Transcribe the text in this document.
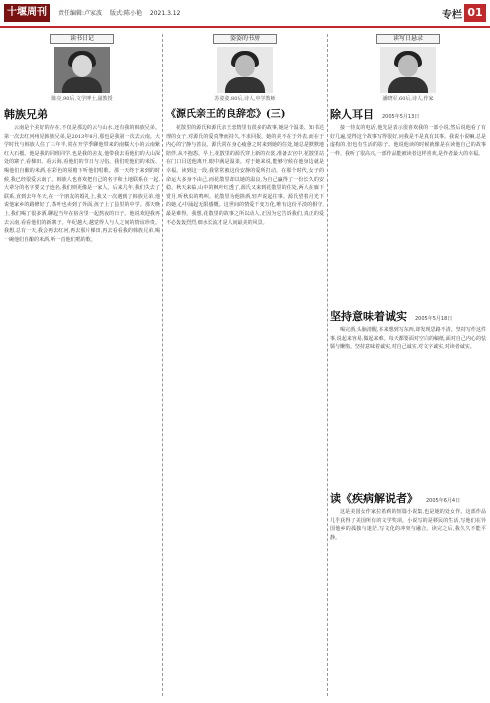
十堰周刊	责任编辑:卢家波 版式:陈小艳 2021.3.12	专栏 01
读书日记
陈亮,90后,文学博士,副教授
韩族兄弟
云南是个美好的存在,不仅是那边的云与山水,还有我的韩族兄弟。第一次去红河州见韩族兄弟,是2013年8月,那也是我第一次去云南。大学时代与韩族人住了三年半,常在开学季聊他带来的南糯大小的云南紫红大石榴。他是我的同班同学,也是我的舍友,他带我去看他们的大山深处的寨子,看梯田、看云海,看他们的节日与习俗。我们吃他们的米饭、喝他们自酿的米酒,在彩色的屋檐下听他们唱歌。那一天终于来到的时候,我已经很爱云南了。韩族人也喜欢把自己的名字和土地联系在一起,大辈分的名字要父子连名,我们则更像是一家人。后来几年,我们失去了联系,直到去年冬天,在一个朋友的婚礼上,我又一次遇到了韩族兄弟,他说他家乡的路修好了,茶叶也卖到了外面,孩子上了县里的中学。那天晚上,我们喝了很多酒,聊起当年在宿舍里一起熬夜的日子。他说欢迎我再去云南,看看他们的新寨子。年纪越大,越觉得人与人之间的情谊珍贵。我想,总有一天,我会再去红河,再去那片梯田,再去看看我的韩族兄弟,喝一碗他们自酿的米酒,听一首他们唱的歌。
姿姿的书房
苏姿姿,80后,诗人,中学教师
《源氏亲王的良辞恋》(三)
花散里的源氏和源氏亲王恋情里有很多的故事,她是个温柔、知书达理的女子,对源氏的爱真挚而持久,不求回报。她的美不在于外表,而在于内心的宁静与善良。源氏常在身心疲惫之时来到她的住处,她总是默默地陪伴,从不抱怨。早上,花散里的源氏穿上新的衣裳,准备去宫中,花散里站在门口目送他离开,眼中满是温柔。对于她来说,能够守候在他身边就是幸福。读到这一段,我常常被这份安静的爱所打动。在那个时代,女子的命运大多身不由己,而花散里却以她的温良,为自己赢得了一份长久的安稳。秋天来临,山中的枫叶红透了,源氏又来到花散里的住处,两人在廊下赏月,听秋虫的鸣叫。花散里为他斟酒,轻声说起往事。源氏望着月光下的她,心中涌起无限感慨。这世间的情爱千变万化,唯有这份平淡的相守,最是难得。我想,花散里的故事之所以动人,正因为它告诉我们,真正的爱不必轰轰烈烈,细水长流才是人间最美的风景。
读写日悬录
潘晓军,60后,诗人,作家
除人耳目 2005年5月13日
接一待友的电话,他先是表示很喜欢我的一部小说,然后说他看了有好几遍,觉得这个故事写得很好,问我是不是真有其事。我说小说嘛,总是虚构的,但也有生活的影子。他说他读的时候就像是在读他自己的故事一样。我听了很高兴,一部作品能被读者这样喜欢,是作者最大的幸福。
坚持意味着诚实 2005年5月18日
喝完酒,头脑清醒,本来想到写东西,却发现思路不清。坚持写作这件事,说起来容易,做起来难。每天都要面对空白的稿纸,面对自己内心的怯懦与懒惰。坚持意味着诚实,对自己诚实,对文字诚实,对读者诚实。
读《疾病解说者》 2005年6月4日
这是美国女作家拉希莉的短篇小说集,也是她的处女作。这部作品几乎获得了美国所有的文学奖项。小说写的是移民的生活,写他们在异国他乡的孤独与迷茫,写文化的冲突与融合。读完之后,我久久不能平静。
